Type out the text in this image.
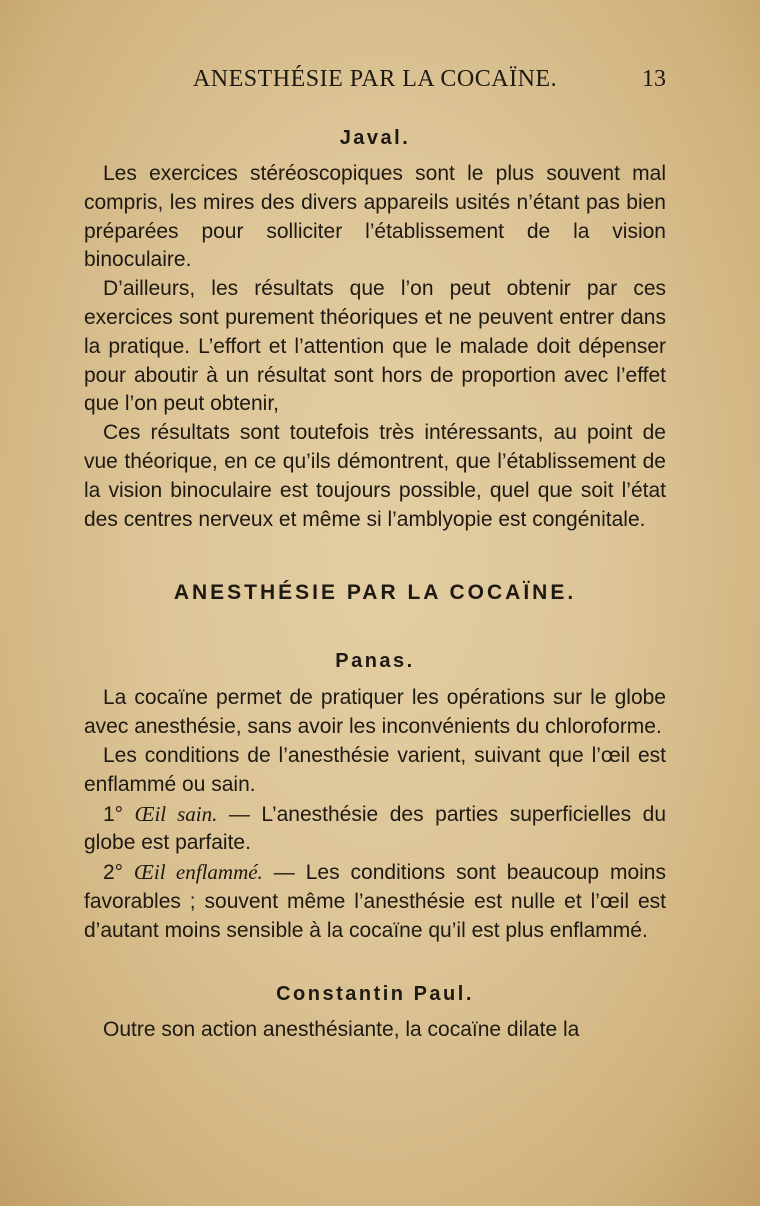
ANESTHÉSIE PAR LA COCAÏNE.	13
Javal.

Les exercices stéréoscopiques sont le plus souvent mal compris, les mires des divers appareils usités n’étant pas bien préparées pour solliciter l’établissement de la vision binoculaire.

D’ailleurs, les résultats que l’on peut obtenir par ces exercices sont purement théoriques et ne peuvent entrer dans la pratique. L’effort et l’attention que le malade doit dépenser pour aboutir à un résultat sont hors de proportion avec l’effet que l’on peut obtenir,

Ces résultats sont toutefois très intéressants, au point de vue théorique, en ce qu’ils démontrent, que l’établissement de la vision binoculaire est toujours possible, quel que soit l’état des centres nerveux et même si l’amblyopie est congénitale.

ANESTHÉSIE PAR LA COCAÏNE.
Panas.

La cocaïne permet de pratiquer les opérations sur le globe avec anesthésie, sans avoir les inconvénients du chloroforme.

Les conditions de l’anesthésie varient, suivant que l’œil est enflammé ou sain.

1° Œil sain. — L’anesthésie des parties superficielles du globe est parfaite.

2° Œil enflammé. — Les conditions sont beaucoup moins favorables ; souvent même l’anesthésie est nulle et l’œil est d’autant moins sensible à la cocaïne qu’il est plus enflammé.

Constantin Paul.

Outre son action anesthésiante, la cocaïne dilate la
